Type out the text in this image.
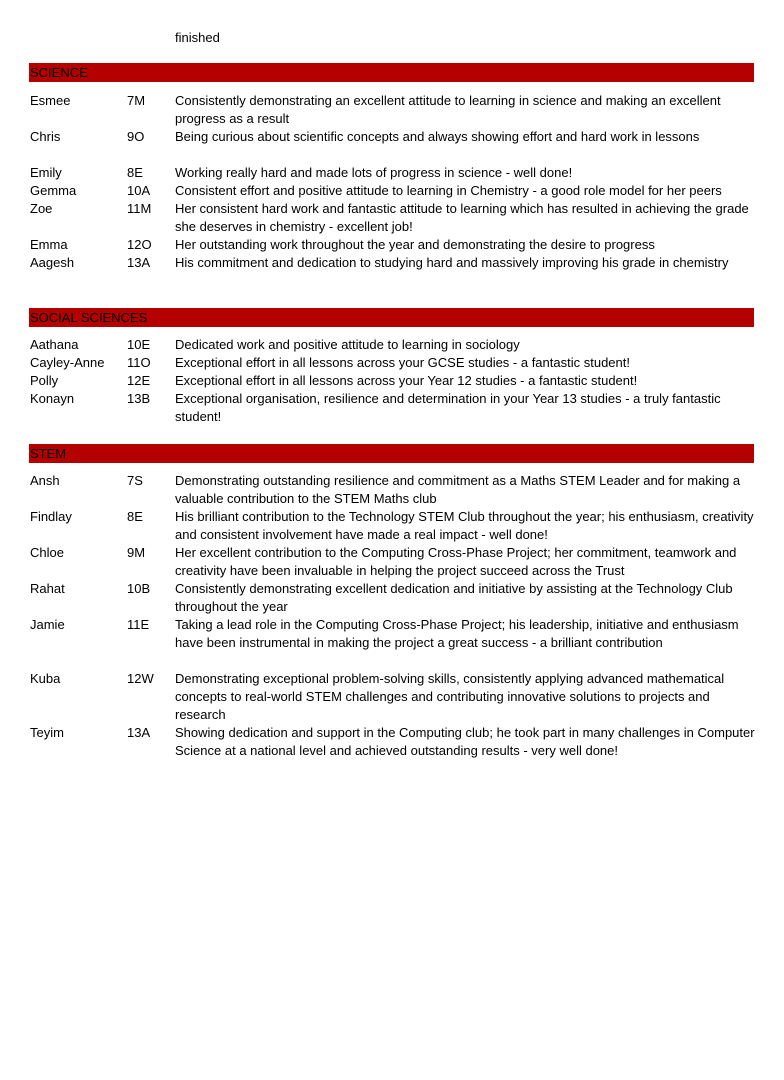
finished
SCIENCE
Esmee	7M Consistently demonstrating an excellent attitude to learning in science and making an excellent progress as a result
Chris	9O Being curious about scientific concepts and always showing effort and hard work in lessons
Emily	8E Working really hard and made lots of progress in science - well done!
Gemma	10A Consistent effort and positive attitude to learning in Chemistry - a good role model for her peers
Zoe	11M Her consistent hard work and fantastic attitude to learning which has resulted in achieving the grade she deserves in chemistry - excellent job!
Emma	12O Her outstanding work throughout the year and demonstrating the desire to progress
Aagesh	13A His commitment and dedication to studying hard and massively improving his grade in chemistry
SOCIAL SCIENCES
Aathana	10E Dedicated work and positive attitude to learning in sociology
Cayley-Anne 11O Exceptional effort in all lessons across your GCSE studies - a fantastic student!
Polly	12E Exceptional effort in all lessons across your Year 12 studies - a fantastic student!
Konayn	13B Exceptional organisation, resilience and determination in your Year 13 studies - a truly fantastic student!
STEM
Ansh	7S Demonstrating outstanding resilience and commitment as a Maths STEM Leader and for making a valuable contribution to the STEM Maths club
Findlay	8E His brilliant contribution to the Technology STEM Club throughout the year; his enthusiasm, creativity and consistent involvement have made a real impact - well done!
Chloe	9M Her excellent contribution to the Computing Cross-Phase Project; her commitment, teamwork and creativity have been invaluable in helping the project succeed across the Trust
Rahat	10B Consistently demonstrating excellent dedication and initiative by assisting at the Technology Club throughout the year
Jamie	11E Taking a lead role in the Computing Cross-Phase Project; his leadership, initiative and enthusiasm have been instrumental in making the project a great success - a brilliant contribution
Kuba	12W Demonstrating exceptional problem-solving skills, consistently applying advanced mathematical concepts to real-world STEM challenges and contributing innovative solutions to projects and research
Teyim	13A Showing dedication and support in the Computing club; he took part in many challenges in Computer Science at a national level and achieved outstanding results - very well done!
